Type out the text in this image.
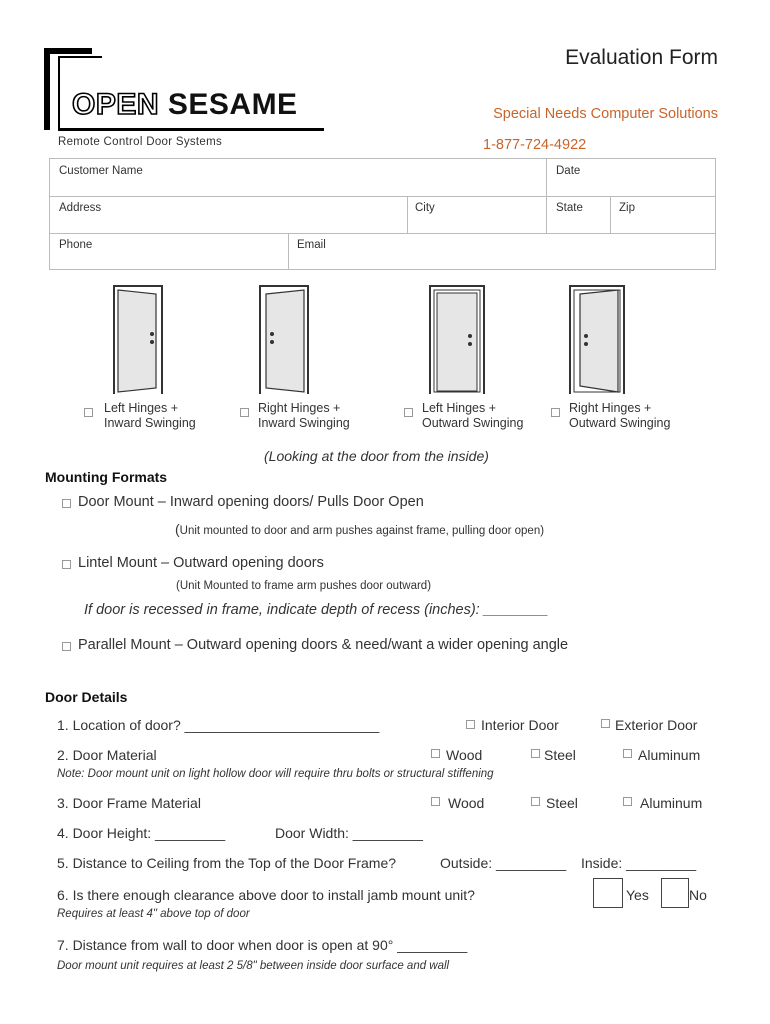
OPEN SESAME
Remote Control Door Systems
Evaluation Form
Special Needs Computer Solutions
1-877-724-4922
Customer Name	Date
Address	City	State	Zip
Phone	Email
Left Hinges +
Inward Swinging
Right Hinges +
Inward Swinging
Left Hinges +
Outward Swinging
Right Hinges +
Outward Swinging
(Looking at the door from the inside)
Mounting Formats
Door Mount – Inward opening doors/ Pulls Door Open
(Unit mounted to door and arm pushes against frame, pulling door open)
Lintel Mount – Outward opening doors
(Unit Mounted to frame arm pushes door outward)
If door is recessed in frame, indicate depth of recess (inches): ________
Parallel Mount – Outward opening doors & need/want a wider opening angle
Door Details
1. Location of door? _________________________	Interior Door	Exterior Door
2. Door Material	Wood	Steel	Aluminum
Note: Door mount unit on light hollow door will require thru bolts or structural stiffening
3. Door Frame Material	Wood	Steel	Aluminum
4. Door Height: _________	Door Width: _________
5. Distance to Ceiling from the Top of the Door Frame?	Outside: _________ Inside: _________
6. Is there enough clearance above door to install jamb mount unit?	Yes	No
Requires at least 4" above top of door
7. Distance from wall to door when door is open at 90° _________
Door mount unit requires at least 2 5/8" between inside door surface and wall
